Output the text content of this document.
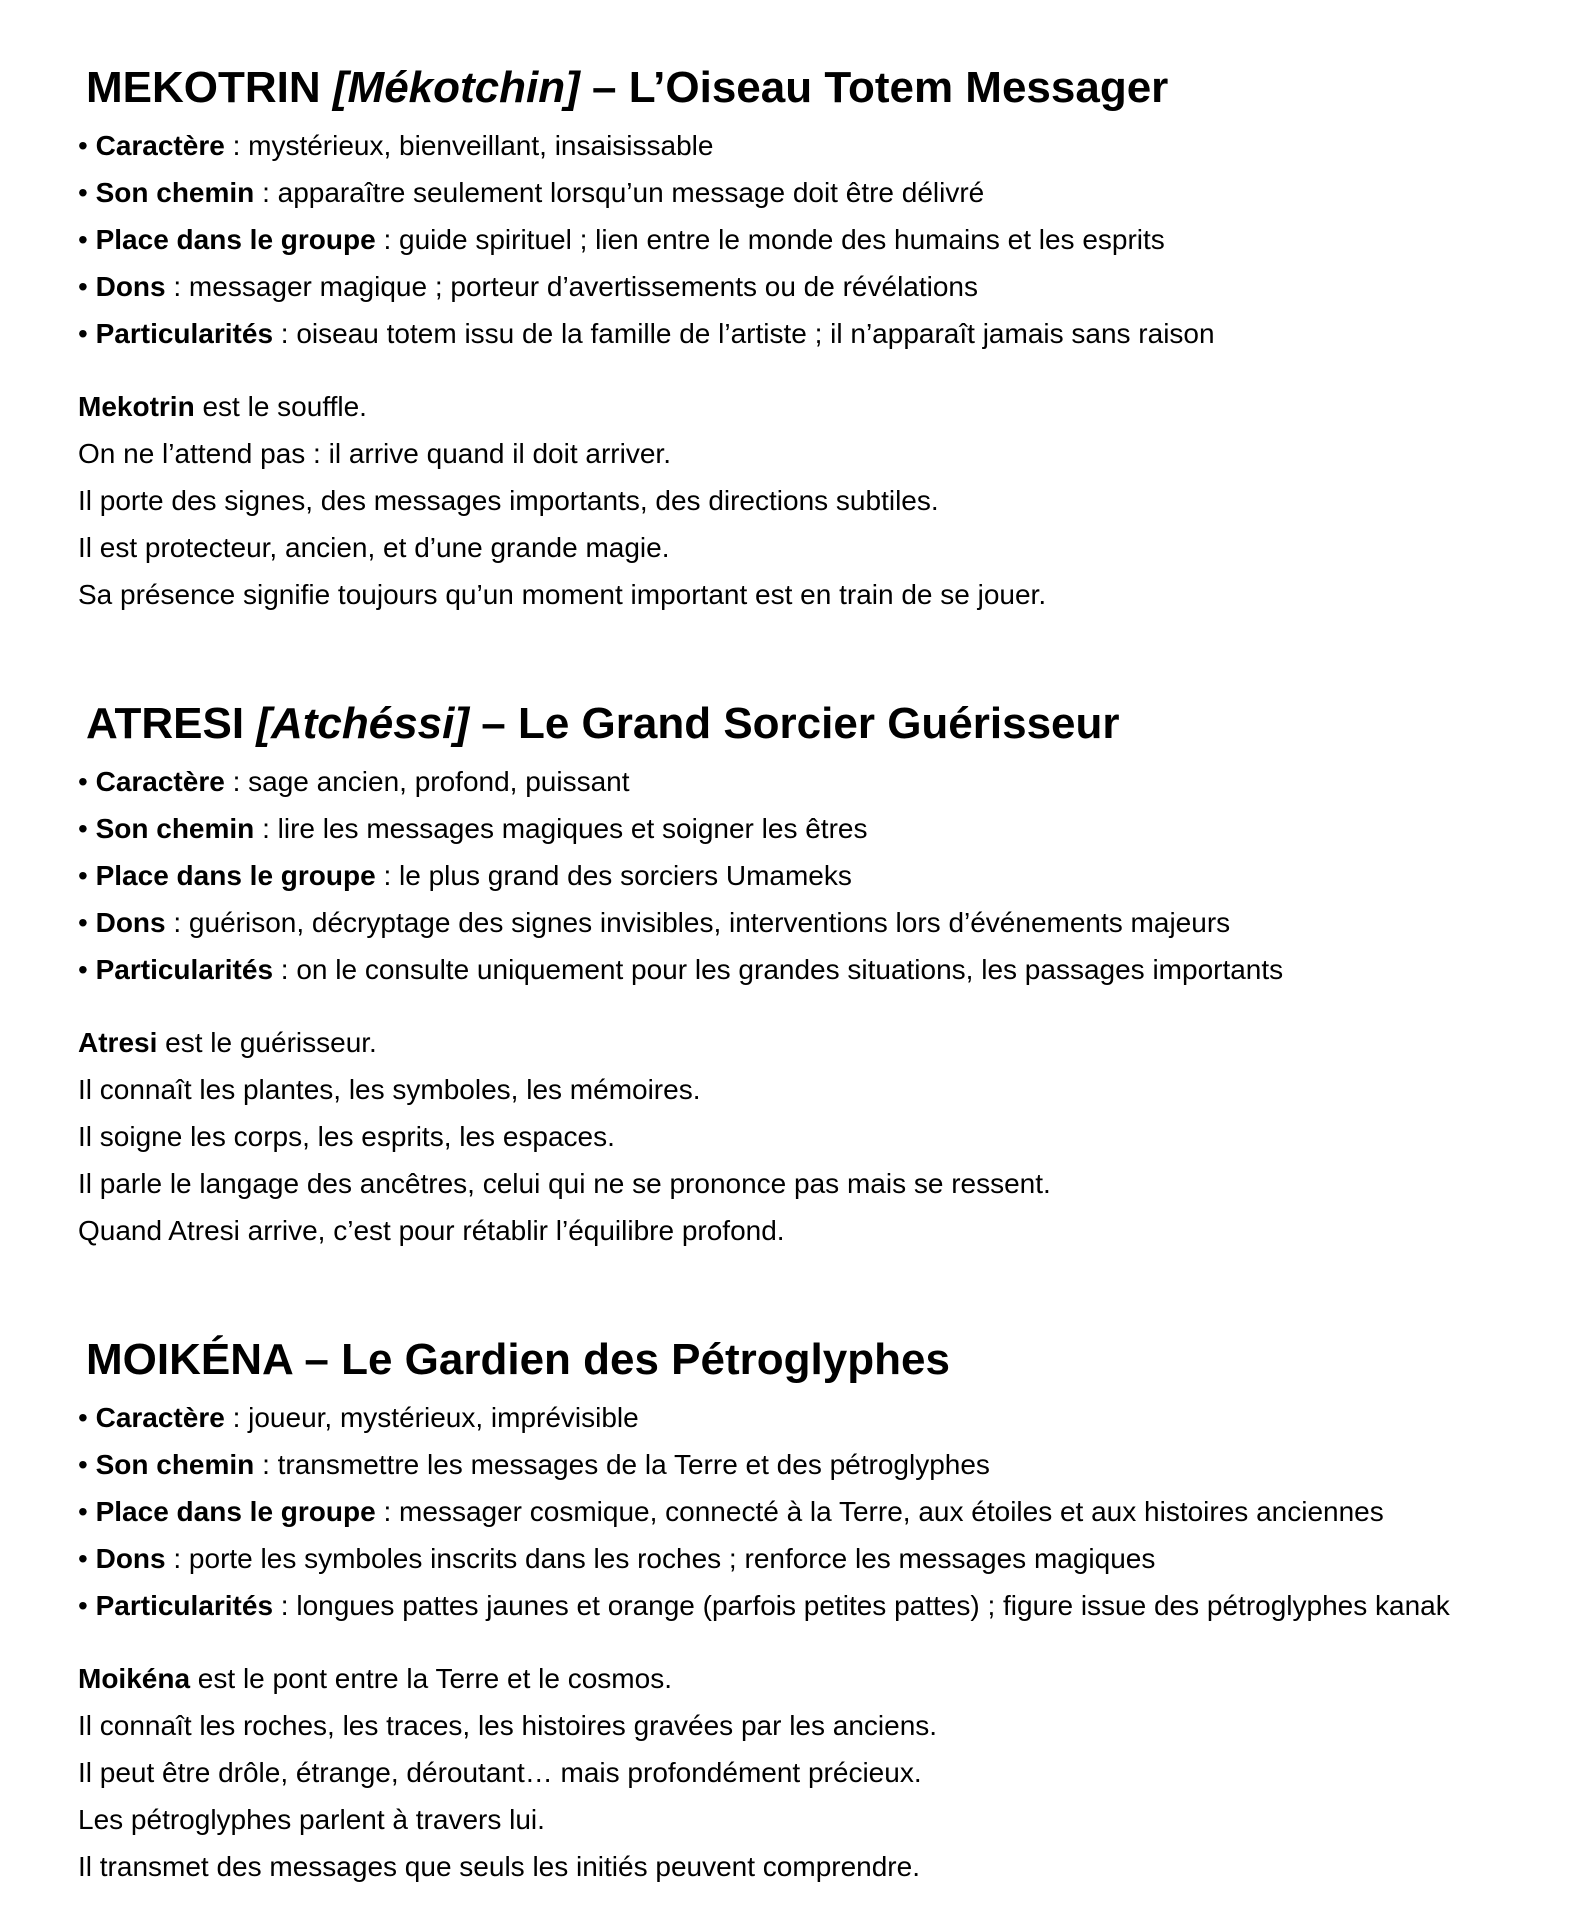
MEKOTRIN [Mékotchin] – L’Oiseau Totem Messager
• Caractère : mystérieux, bienveillant, insaisissable
• Son chemin : apparaître seulement lorsqu’un message doit être délivré
• Place dans le groupe : guide spirituel ; lien entre le monde des humains et les esprits
• Dons : messager magique ; porteur d’avertissements ou de révélations
• Particularités : oiseau totem issu de la famille de l’artiste ; il n’apparaît jamais sans raison
Mekotrin est le souffle.
On ne l’attend pas : il arrive quand il doit arriver.
Il porte des signes, des messages importants, des directions subtiles.
Il est protecteur, ancien, et d’une grande magie.
Sa présence signifie toujours qu’un moment important est en train de se jouer.
ATRESI [Atchéssi] – Le Grand Sorcier Guérisseur
• Caractère : sage ancien, profond, puissant
• Son chemin : lire les messages magiques et soigner les êtres
• Place dans le groupe : le plus grand des sorciers Umameks
• Dons : guérison, décryptage des signes invisibles, interventions lors d’événements majeurs
• Particularités : on le consulte uniquement pour les grandes situations, les passages importants
Atresi est le guérisseur.
Il connaît les plantes, les symboles, les mémoires.
Il soigne les corps, les esprits, les espaces.
Il parle le langage des ancêtres, celui qui ne se prononce pas mais se ressent.
Quand Atresi arrive, c’est pour rétablir l’équilibre profond.
MOIKÉNA – Le Gardien des Pétroglyphes
• Caractère : joueur, mystérieux, imprévisible
• Son chemin : transmettre les messages de la Terre et des pétroglyphes
• Place dans le groupe : messager cosmique, connecté à la Terre, aux étoiles et aux histoires anciennes
• Dons : porte les symboles inscrits dans les roches ; renforce les messages magiques
• Particularités : longues pattes jaunes et orange (parfois petites pattes) ; figure issue des pétroglyphes kanak
Moikéna est le pont entre la Terre et le cosmos.
Il connaît les roches, les traces, les histoires gravées par les anciens.
Il peut être drôle, étrange, déroutant… mais profondément précieux.
Les pétroglyphes parlent à travers lui.
Il transmet des messages que seuls les initiés peuvent comprendre.
